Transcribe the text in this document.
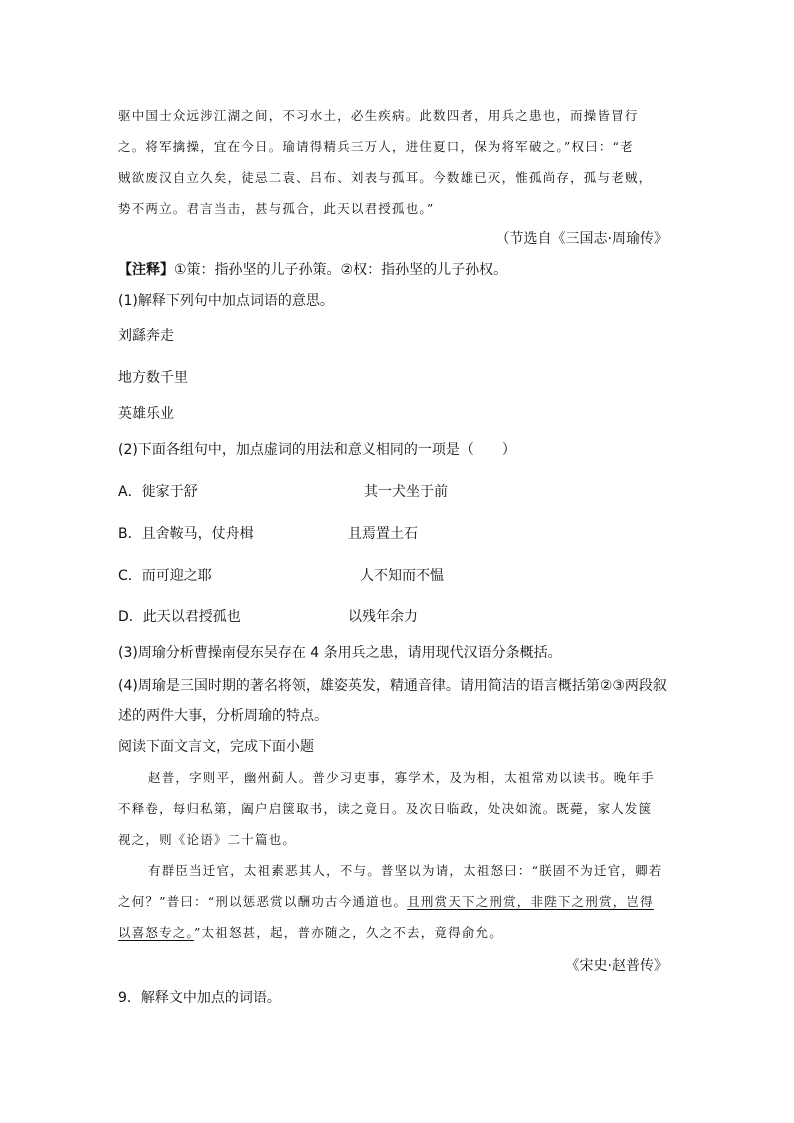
驱中国士众远涉江湖之间，不习水土，必生疾病。此数四者，用兵之患也，而操皆冒行
之。将军擒操，宜在今日。瑜请得精兵三万人，进住夏口，保为将军破之。”权曰：“老
贼欲废汉自立久矣，徒忌二袁、吕布、刘表与孤耳。今数雄已灭，惟孤尚存，孤与老贼，
势不两立。君言当击，甚与孤合，此天以君授孤也。”
（节选自《三国志·周瑜传》
【注释】①策：指孙坚的儿子孙策。②权：指孙坚的儿子孙权。
(1)解释下列句中加点词语的意思。
刘繇奔走
地方数千里
英雄乐业
(2)下面各组句中，加点虚词的用法和意义相同的一项是（　　）
A．徙家于舒	其一犬坐于前
B．且舍鞍马，仗舟楫	且焉置土石
C．而可迎之耶	人不知而不愠
D．此天以君授孤也	以残年余力
(3)周瑜分析曹操南侵东吴存在 4 条用兵之患，请用现代汉语分条概括。
(4)周瑜是三国时期的著名将领，雄姿英发，精通音律。请用简洁的语言概括第②③两段叙
述的两件大事，分析周瑜的特点。
阅读下面文言文，完成下面小题
赵普，字则平，幽州蓟人。普少习吏事，寡学术，及为相，太祖常劝以读书。晚年手
不释卷，每归私第，阖户启箧取书，读之竟日。及次日临政，处决如流。既薨，家人发箧
视之，则《论语》二十篇也。
有群臣当迁官，太祖素恶其人，不与。普坚以为请，太祖怒曰：“朕固不为迁官，卿若
之何？”普曰：“刑以惩恶赏以酬功古今通道也。且刑赏天下之刑赏，非陛下之刑赏，岂得
以喜怒专之。”太祖怒甚，起，普亦随之，久之不去，竟得俞允。
《宋史·赵普传》
9．解释文中加点的词语。
